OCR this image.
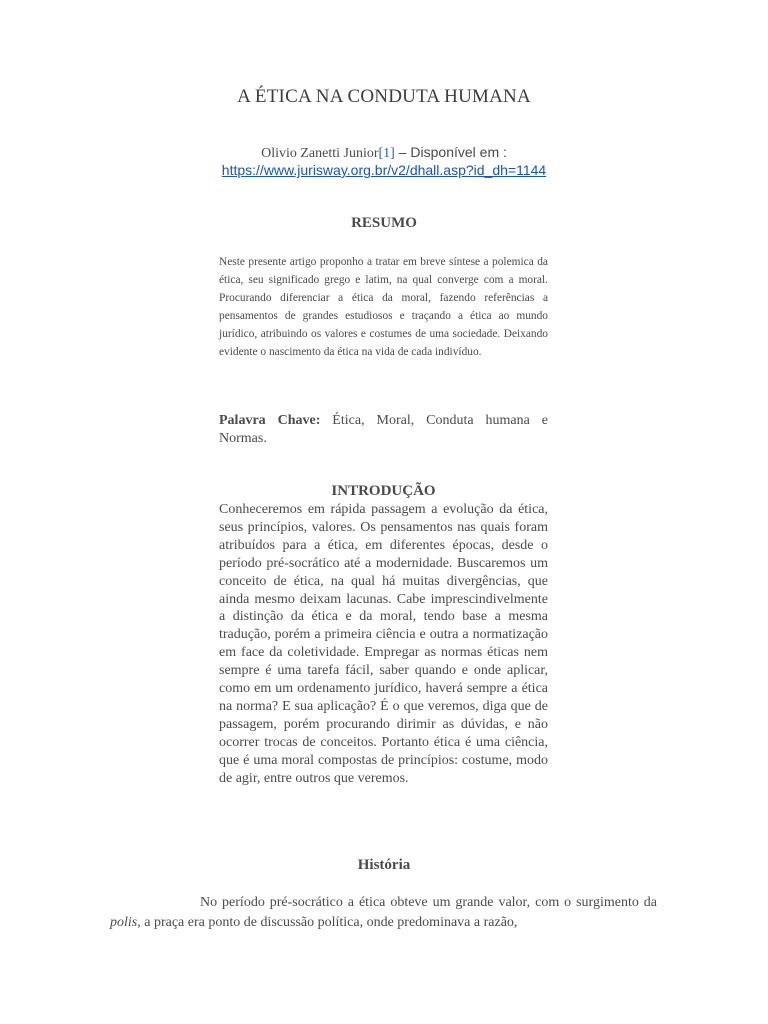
A ÉTICA NA CONDUTA HUMANA
Olivio Zanetti Junior[1] – Disponível em :
https://www.jurisway.org.br/v2/dhall.asp?id_dh=1144
RESUMO
Neste presente artigo proponho a tratar em breve síntese a polemica da ética, seu significado grego e latim, na qual converge com a moral. Procurando diferenciar a ética da moral, fazendo referências a pensamentos de grandes estudiosos e traçando a ética ao mundo jurídico, atribuindo os valores e costumes de uma sociedade. Deixando evidente o nascimento da ética na vida de cada indivíduo.
Palavra Chave: Ética, Moral, Conduta humana e Normas.
INTRODUÇÃO
Conheceremos em rápida passagem a evolução da ética, seus princípios, valores. Os pensamentos nas quais foram atribuídos para a ética, em diferentes épocas, desde o período pré-socrático até a modernidade. Buscaremos um conceito de ética, na qual há muitas divergências, que ainda mesmo deixam lacunas. Cabe imprescindivelmente a distinção da ética e da moral, tendo base a mesma tradução, porém a primeira ciência e outra a normatização em face da coletividade. Empregar as normas éticas nem sempre é uma tarefa fácil, saber quando e onde aplicar, como em um ordenamento jurídico, haverá sempre a ética na norma? E sua aplicação? É o que veremos, diga que de passagem, porém procurando dirimir as dúvidas, e não ocorrer trocas de conceitos. Portanto ética é uma ciência, que é uma moral compostas de princípios: costume, modo de agir, entre outros que veremos.
História
No período pré-socrático a ética obteve um grande valor, com o surgimento da polis, a praça era ponto de discussão política, onde predominava a razão,
